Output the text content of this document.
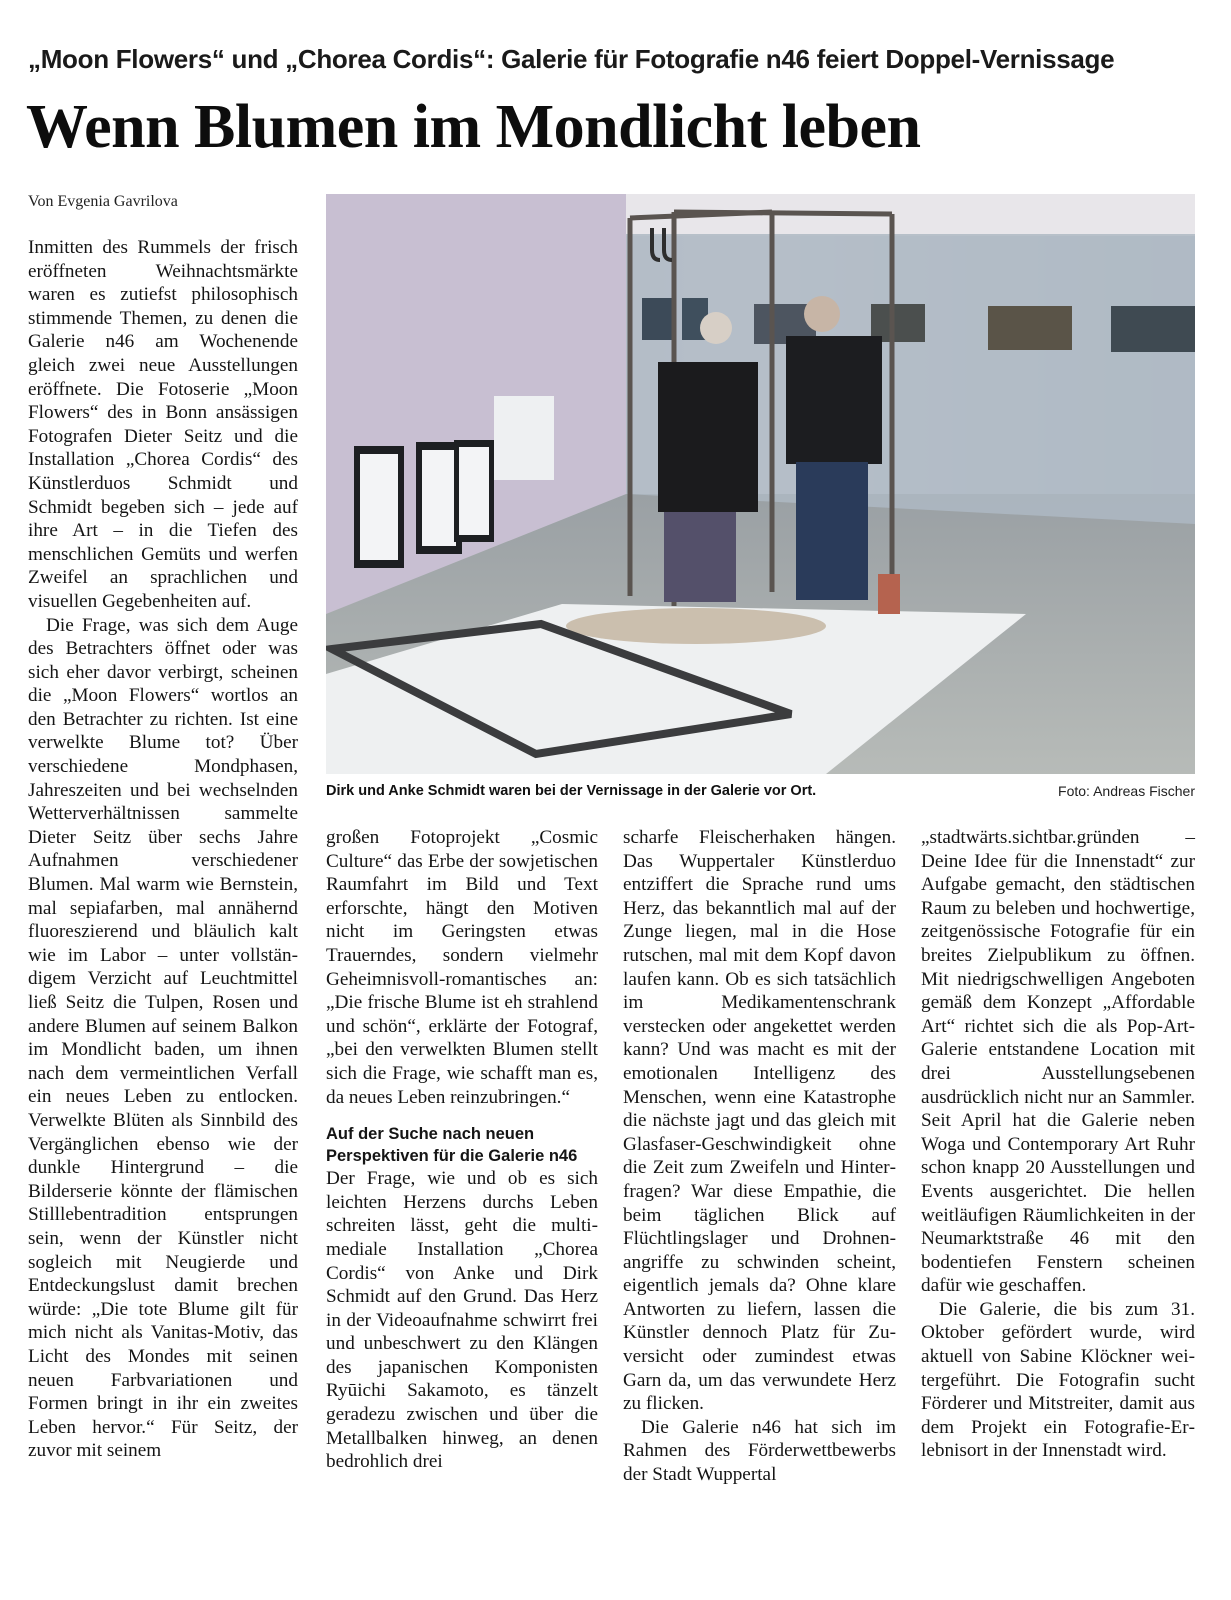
„Moon Flowers“ und „Chorea Cordis“: Galerie für Fotografie n46 feiert Doppel-Vernissage
Wenn Blumen im Mondlicht leben
Von Evgenia Gavrilova
Dirk und Anke Schmidt waren bei der Vernissage in der Galerie vor Ort.	Foto: Andreas Fischer

Inmitten des Rummels der frisch eröffneten Weihnachtsmärkte waren es zutiefst philosophisch stimmende Themen, zu denen die Galerie n46 am Wochenende gleich zwei neue Ausstellungen eröffnete. Die Fotoserie „Moon Flowers“ des in Bonn ansässigen Fotografen Dieter Seitz und die Installation „Chorea Cordis“ des Künstlerduos Schmidt und Schmidt begeben sich – jede auf ihre Art – in die Tiefen des menschlichen Gemüts und werfen Zweifel an sprachlichen und visuellen Gegebenheiten auf.

Die Frage, was sich dem Auge des Betrachters öffnet oder was sich eher davor verbirgt, scheinen die „Moon Flowers“ wortlos an den Betrachter zu richten. Ist eine verwelkte Blume tot? Über verschiedene Mondphasen, Jahreszeiten und bei wechselnden Wetterverhältnissen sammelte Dieter Seitz über sechs Jahre Aufnahmen verschiedener Blumen. Mal warm wie Bernstein, mal sepiafarben, mal annähernd fluoreszierend und bläulich kalt wie im Labor – unter vollständigem Verzicht auf Leuchtmittel ließ Seitz die Tulpen, Rosen und andere Blumen auf seinem Balkon im Mondlicht baden, um ihnen nach dem vermeintlichen Verfall ein neues Leben zu entlocken. Verwelkte Blüten als Sinnbild des Vergänglichen ebenso wie der dunkle Hintergrund – die Bilderserie könnte der flämischen Stilllebentradition entsprungen sein, wenn der Künstler nicht sogleich mit Neugierde und Entdeckungslust damit brechen würde: „Die tote Blume gilt für mich nicht als Vanitas-Motiv, das Licht des Mondes mit seinen neuen Farbvariationen und Formen bringt in ihr ein zweites Leben hervor.“ Für Seitz, der zuvor mit seinem

großen Fotoprojekt „Cosmic Culture“ das Erbe der sowjetischen Raumfahrt im Bild und Text erforschte, hängt den Motiven nicht im Geringsten etwas Trauerndes, sondern vielmehr Geheimnisvoll-romantisches an: „Die frische Blume ist eh strahlend und schön“, erklärte der Fotograf, „bei den verwelkten Blumen stellt sich die Frage, wie schafft man es, da neues Leben reinzubringen.“

Auf der Suche nach neuen Perspektiven für die Galerie n46

Der Frage, wie und ob es sich leichten Herzens durchs Leben schreiten lässt, geht die multimediale Installation „Chorea Cordis“ von Anke und Dirk Schmidt auf den Grund. Das Herz in der Videoaufnahme schwirrt frei und unbeschwert zu den Klängen des japanischen Komponisten Ryūichi Sakamoto, es tänzelt geradezu zwischen und über die Metallbalken hinweg, an denen bedrohlich drei

scharfe Fleischerhaken hängen. Das Wuppertaler Künstlerduo entziffert die Sprache rund ums Herz, das bekanntlich mal auf der Zunge liegen, mal in die Hose rutschen, mal mit dem Kopf davon laufen kann. Ob es sich tatsächlich im Medikamentenschrank verstecken oder angekettet werden kann? Und was macht es mit der emotionalen Intelligenz des Menschen, wenn eine Katastrophe die nächste jagt und das gleich mit Glasfaser-Geschwindigkeit ohne die Zeit zum Zweifeln und Hinterfragen? War diese Empathie, die beim täglichen Blick auf Flüchtlingslager und Drohnenangriffe zu schwinden scheint, eigentlich jemals da? Ohne klare Antworten zu liefern, lassen die Künstler dennoch Platz für Zuversicht oder zumindest etwas Garn da, um das verwundete Herz zu flicken.

Die Galerie n46 hat sich im Rahmen des Förderwettbewerbs der Stadt Wuppertal

„stadtwärts.sichtbar.gründen – Deine Idee für die Innenstadt“ zur Aufgabe gemacht, den städtischen Raum zu beleben und hochwertige, zeitgenössische Fotografie für ein breites Zielpublikum zu öffnen. Mit niedrigschwelligen Angeboten gemäß dem Konzept „Affordable Art“ richtet sich die als Pop-Art-Galerie entstandene Location mit drei Ausstellungsebenen ausdrücklich nicht nur an Sammler. Seit April hat die Galerie neben Woga und Contemporary Art Ruhr schon knapp 20 Ausstellungen und Events ausgerichtet. Die hellen weitläufigen Räumlichkeiten in der Neumarktstraße 46 mit den bodentiefen Fenstern scheinen dafür wie geschaffen.

Die Galerie, die bis zum 31. Oktober gefördert wurde, wird aktuell von Sabine Klöckner weitergeführt. Die Fotografin sucht Förderer und Mitstreiter, damit aus dem Projekt ein Fotografie-Erlebnisort in der Innenstadt wird.
